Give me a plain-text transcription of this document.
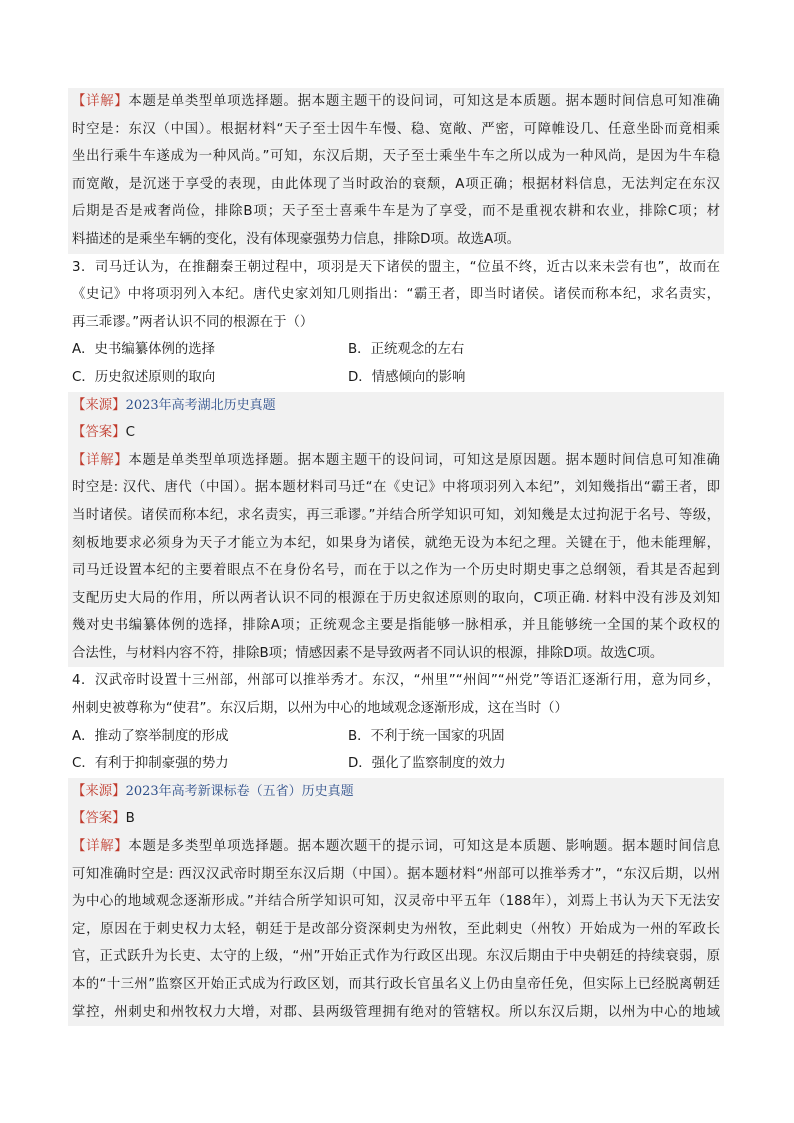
【详解】本题是单类型单项选择题。据本题主题干的设问词，可知这是本质题。据本题时间信息可知准确
时空是：东汉（中国）。根据材料“天子至士因牛车慢、稳、宽敞、严密，可障帷设几、任意坐卧而竟相乘
坐出行乘牛车遂成为一种风尚。”可知，东汉后期，天子至士乘坐牛车之所以成为一种风尚，是因为牛车稳
而宽敞，是沉迷于享受的表现，由此体现了当时政治的衰颓，A项正确；根据材料信息，无法判定在东汉
后期是否是戒奢尚俭，排除B项；天子至士喜乘牛车是为了享受，而不是重视农耕和农业，排除C项；材
料描述的是乘坐车辆的变化，没有体现豪强势力信息，排除D项。故选A项。
3．司马迁认为，在推翻秦王朝过程中，项羽是天下诸侯的盟主，“位虽不终，近古以来未尝有也”，故而在
《史记》中将项羽列入本纪。唐代史家刘知几则指出：“霸王者，即当时诸侯。诸侯而称本纪，求名责实，
再三乖谬。”两者认识不同的根源在于（）
A．史书编纂体例的选择	B．正统观念的左右
C．历史叙述原则的取向	D．情感倾向的影响
【来源】2023年高考湖北历史真题
【答案】C
【详解】本题是单类型单项选择题。据本题主题干的设问词，可知这是原因题。据本题时间信息可知准确
时空是: 汉代、唐代（中国）。据本题材料司马迁“在《史记》中将项羽列入本纪”，刘知幾指出“霸王者，即
当时诸侯。诸侯而称本纪，求名责实，再三乖谬。”并结合所学知识可知，刘知幾是太过拘泥于名号、等级，
刻板地要求必须身为天子才能立为本纪，如果身为诸侯，就绝无设为本纪之理。关键在于，他未能理解，
司马迁设置本纪的主要着眼点不在身份名号，而在于以之作为一个历史时期史事之总纲领，看其是否起到
支配历史大局的作用，所以两者认识不同的根源在于历史叙述原则的取向，C项正确. 材料中没有涉及刘知
幾对史书编纂体例的选择，排除A项；正统观念主要是指能够一脉相承，并且能够统一全国的某个政权的
合法性，与材料内容不符，排除B项；情感因素不是导致两者不同认识的根源，排除D项。故选C项。
4．汉武帝时设置十三州部，州部可以推举秀才。东汉，“州里”“州闾”“州党”等语汇逐渐行用，意为同乡，
州刺史被尊称为“使君”。东汉后期，以州为中心的地域观念逐渐形成，这在当时（）
A．推动了察举制度的形成	B．不利于统一国家的巩固
C．有利于抑制豪强的势力	D．强化了监察制度的效力
【来源】2023年高考新课标卷（五省）历史真题
【答案】B
【详解】本题是多类型单项选择题。据本题次题干的提示词，可知这是本质题、影响题。据本题时间信息
可知准确时空是: 西汉汉武帝时期至东汉后期（中国）。据本题材料“州部可以推举秀才”，“东汉后期，以州
为中心的地域观念逐渐形成。”并结合所学知识可知，汉灵帝中平五年（188年），刘焉上书认为天下无法安
定，原因在于刺史权力太轻，朝廷于是改部分资深刺史为州牧，至此刺史（州牧）开始成为一州的军政长
官，正式跃升为长吏、太守的上级，“州”开始正式作为行政区出现。东汉后期由于中央朝廷的持续衰弱，原
本的“十三州”监察区开始正式成为行政区划，而其行政长官虽名义上仍由皇帝任免，但实际上已经脱离朝廷
掌控，州刺史和州牧权力大增，对郡、县两级管理拥有绝对的管辖权。所以东汉后期，以州为中心的地域
